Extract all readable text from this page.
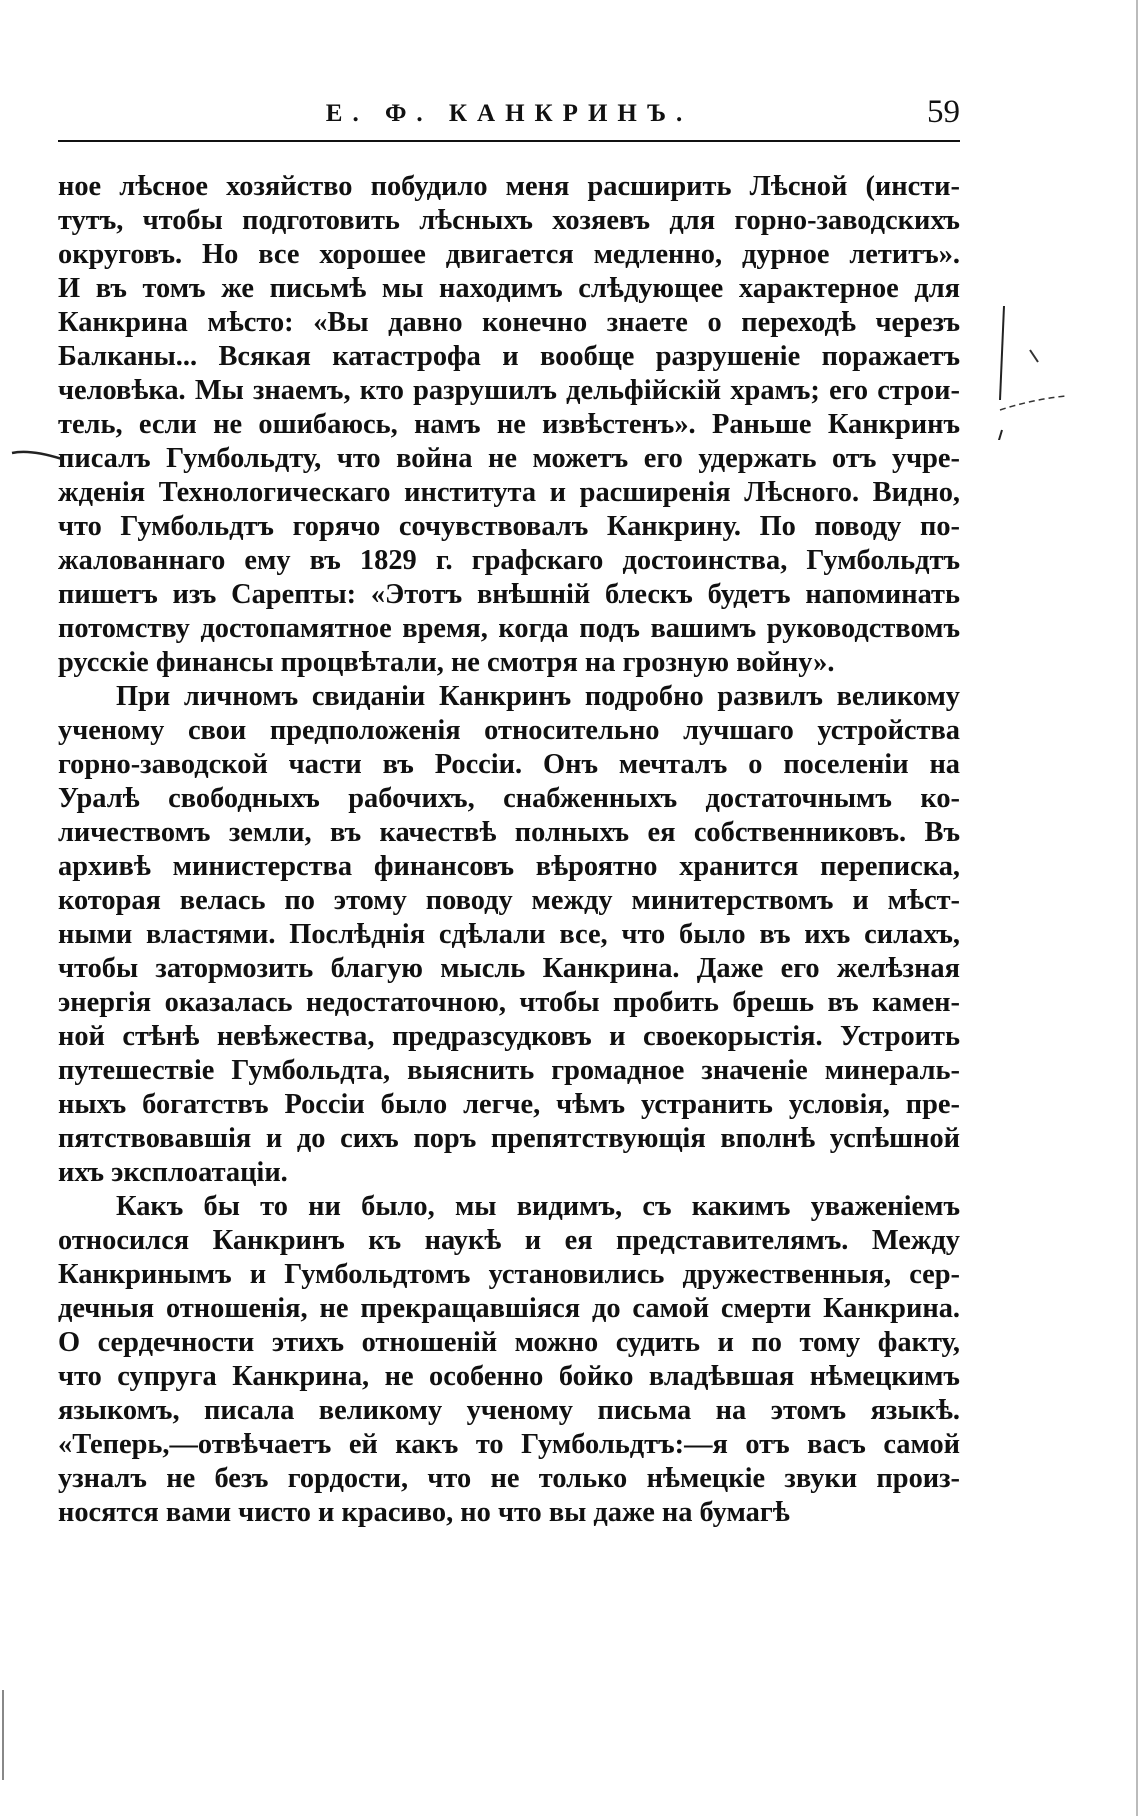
Е. Ф. КАНКРИНЪ.	59

ное лѣсное хозяйство побудило меня расширить Лѣсной (инсти-
тутъ, чтобы подготовить лѣсныхъ хозяевъ для горно-заводскихъ
округовъ. Но все хорошее двигается медленно, дурное летитъ».
И въ томъ же письмѣ мы находимъ слѣдующее характерное для
Канкрина мѣсто: «Вы давно конечно знаете о переходѣ черезъ
Балканы... Всякая катастрофа и вообще разрушеніе поражаетъ
человѣка. Мы знаемъ, кто разрушилъ дельфійскій храмъ; его строи-
тель, если не ошибаюсь, намъ не извѣстенъ». Раньше Канкринъ
писалъ Гумбольдту, что война не можетъ его удержать отъ учре-
жденія Технологическаго института и расширенія Лѣсного. Видно,
что Гумбольдтъ горячо сочувствовалъ Канкрину. По поводу по-
жалованнаго ему въ 1829 г. графскаго достоинства, Гумбольдтъ
пишетъ изъ Сарепты: «Этотъ внѣшній блескъ будетъ напоминать
потомству достопамятное время, когда подъ вашимъ руководствомъ
русскіе финансы процвѣтали, не смотря на грозную войну».

При личномъ свиданіи Канкринъ подробно развилъ великому
ученому свои предположенія относительно лучшаго устройства
горно-заводской части въ Россіи. Онъ мечталъ о поселеніи на
Уралѣ свободныхъ рабочихъ, снабженныхъ достаточнымъ ко-
личествомъ земли, въ качествѣ полныхъ ея собственниковъ. Въ
архивѣ министерства финансовъ вѣроятно хранится переписка,
которая велась по этому поводу между минитерствомъ и мѣст-
ными властями. Послѣднія сдѣлали все, что было въ ихъ силахъ,
чтобы затормозить благую мысль Канкрина. Даже его желѣзная
энергія оказалась недостаточною, чтобы пробить брешь въ камен-
ной стѣнѣ невѣжества, предразсудковъ и своекорыстія. Устроить
путешествіе Гумбольдта, выяснить громадное значеніе минераль-
ныхъ богатствъ Россіи было легче, чѣмъ устранить условія, пре-
пятствовавшія и до сихъ поръ препятствующія вполнѣ успѣшной
ихъ эксплоатаціи.

Какъ бы то ни было, мы видимъ, съ какимъ уваженіемъ
относился Канкринъ къ наукѣ и ея представителямъ. Между
Канкринымъ и Гумбольдтомъ установились дружественныя, сер-
дечныя отношенія, не прекращавшіяся до самой смерти Канкрина.
О сердечности этихъ отношеній можно судить и по тому факту,
что супруга Канкрина, не особенно бойко владѣвшая нѣмецкимъ
языкомъ, писала великому ученому письма на этомъ языкѣ.
«Теперь,—отвѣчаетъ ей какъ то Гумбольдтъ:—я отъ васъ самой
узналъ не безъ гордости, что не только нѣмецкіе звуки произ-
носятся вами чисто и красиво, но что вы даже на бумагѣ
